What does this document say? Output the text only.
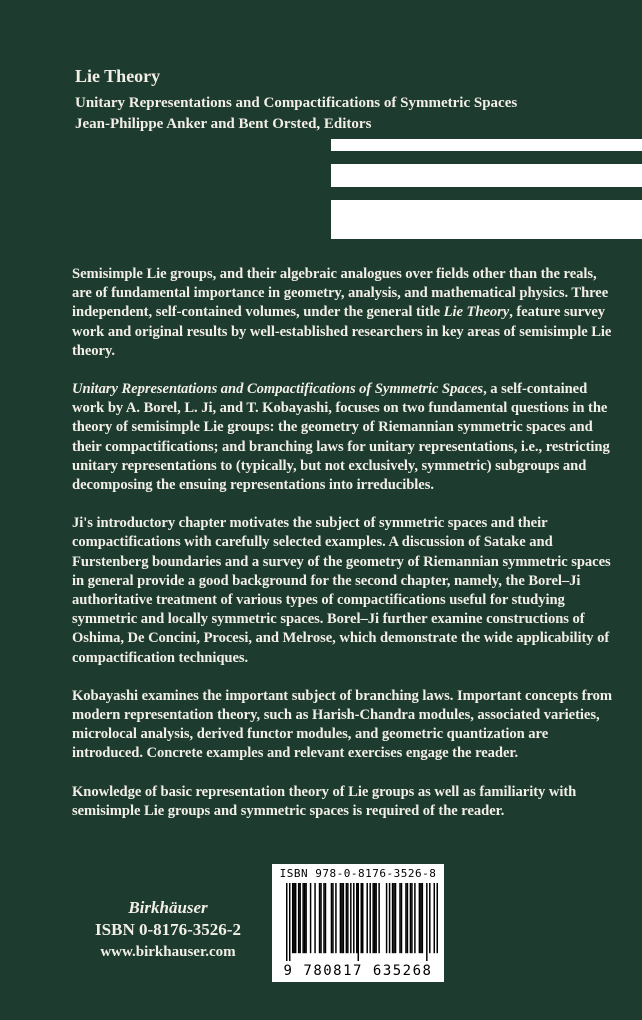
Lie Theory
Unitary Representations and Compactifications of Symmetric Spaces
Jean-Philippe Anker and Bent Orsted, Editors

Semisimple Lie groups, and their algebraic analogues over fields other than the reals, are of fundamental importance in geometry, analysis, and mathematical physics. Three independent, self-contained volumes, under the general title Lie Theory, feature survey work and original results by well-established researchers in key areas of semisimple Lie theory.

Unitary Representations and Compactifications of Symmetric Spaces, a self-contained work by A. Borel, L. Ji, and T. Kobayashi, focuses on two fundamental questions in the theory of semisimple Lie groups: the geometry of Riemannian symmetric spaces and their compactifications; and branching laws for unitary representations, i.e., restricting unitary representations to (typically, but not exclusively, symmetric) subgroups and decomposing the ensuing representations into irreducibles.

Ji's introductory chapter motivates the subject of symmetric spaces and their compactifications with carefully selected examples. A discussion of Satake and Furstenberg boundaries and a survey of the geometry of Riemannian symmetric spaces in general provide a good background for the second chapter, namely, the Borel–Ji authoritative treatment of various types of compactifications useful for studying symmetric and locally symmetric spaces. Borel–Ji further examine constructions of Oshima, De Concini, Procesi, and Melrose, which demonstrate the wide applicability of compactification techniques.

Kobayashi examines the important subject of branching laws. Important concepts from modern representation theory, such as Harish-Chandra modules, associated varieties, microlocal analysis, derived functor modules, and geometric quantization are introduced. Concrete examples and relevant exercises engage the reader.

Knowledge of basic representation theory of Lie groups as well as familiarity with semisimple Lie groups and symmetric spaces is required of the reader.

Birkhäuser
ISBN 0-8176-3526-2
www.birkhauser.com
ISBN 978-0-8176-3526-8
9 780817 635268
